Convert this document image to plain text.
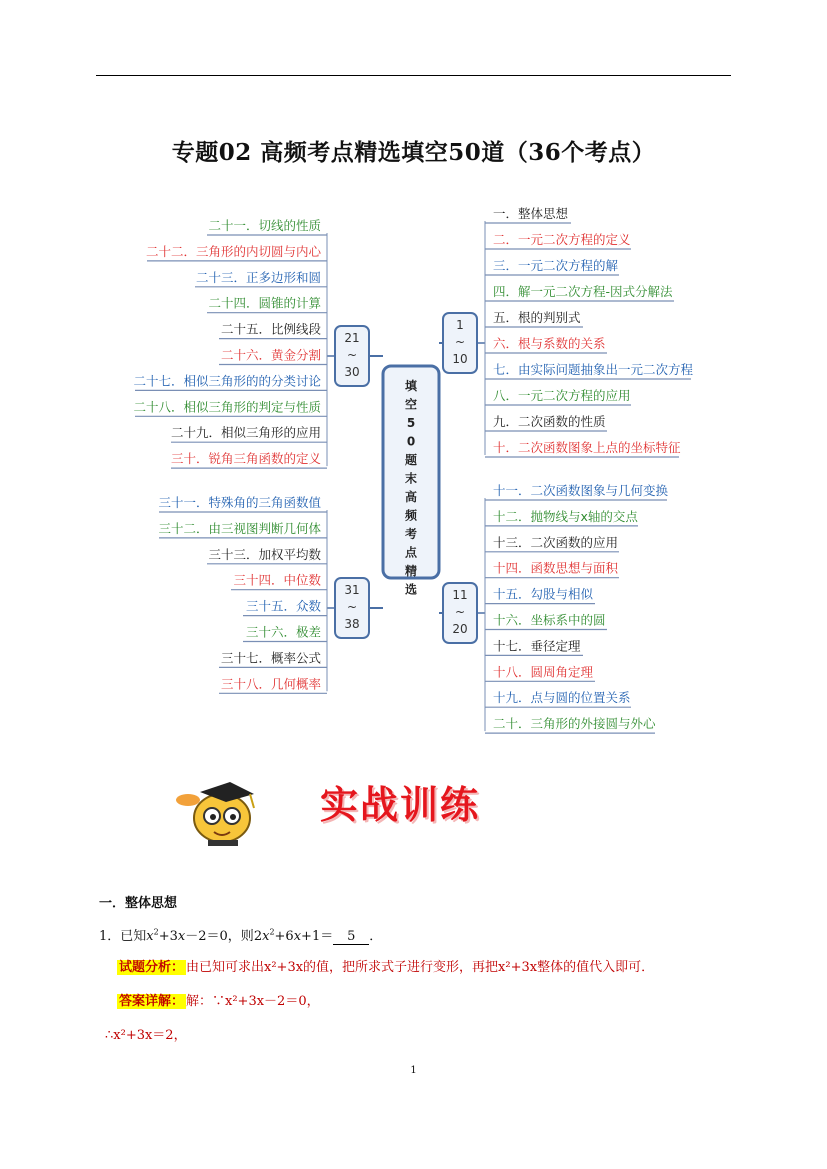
专题02 高频考点精选填空50道（36个考点）
填
空
5
0
题
末
高
频
考
点
精
选
1
~
10
一．整体思想
二．一元二次方程的定义
三．一元二次方程的解
四．解一元二次方程-因式分解法
五．根的判别式
六．根与系数的关系
七．由实际问题抽象出一元二次方程
八．一元二次方程的应用
九．二次函数的性质
十．二次函数图象上点的坐标特征
11
~
20
十一．二次函数图象与几何变换
十二．抛物线与x轴的交点
十三．二次函数的应用
十四．函数思想与面积
十五．勾股与相似
十六．坐标系中的圆
十七．垂径定理
十八．圆周角定理
十九．点与圆的位置关系
二十．三角形的外接圆与外心
21
~
30
二十一．切线的性质
二十二．三角形的内切圆与内心
二十三．正多边形和圆
二十四．圆锥的计算
二十五．比例线段
二十六．黄金分割
二十七．相似三角形的的分类讨论
二十八．相似三角形的判定与性质
二十九．相似三角形的应用
三十．锐角三角函数的定义
31
~
38
三十一．特殊角的三角函数值
三十二．由三视图判断几何体
三十三．加权平均数
三十四．中位数
三十五．众数
三十六．极差
三十七．概率公式
三十八．几何概率
实战训练
一．整体思想
1．已知$x^2+3x-2=0$，则$2x^2+6x+1= 5$ ．
试题分析： 由已知可求出x²+3x的值，把所求式子进行变形，再把x²+3x整体的值代入即可．
答案详解： 解：∵x²+3x－2＝0，
∴x²+3x＝2，
1
